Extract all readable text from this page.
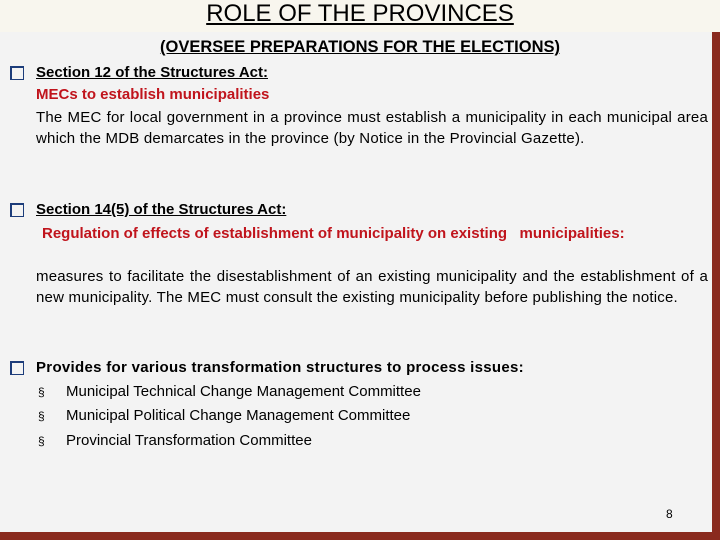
ROLE OF THE PROVINCES
(OVERSEE PREPARATIONS FOR THE ELECTIONS)
Section 12 of the Structures Act:
MECs to establish municipalities
The MEC for local government in a province must establish a municipality in each municipal area which the MDB demarcates in the province (by Notice in the Provincial Gazette).
Section 14(5) of the Structures Act:
Regulation of effects of establishment of municipality on existing   municipalities:
measures to facilitate the disestablishment of an existing municipality and the establishment of a new municipality. The MEC must consult the existing municipality before publishing the notice.
Provides for various transformation structures to process issues:
§ Municipal Technical Change Management Committee
§ Municipal Political Change Management Committee
§ Provincial Transformation Committee
8
